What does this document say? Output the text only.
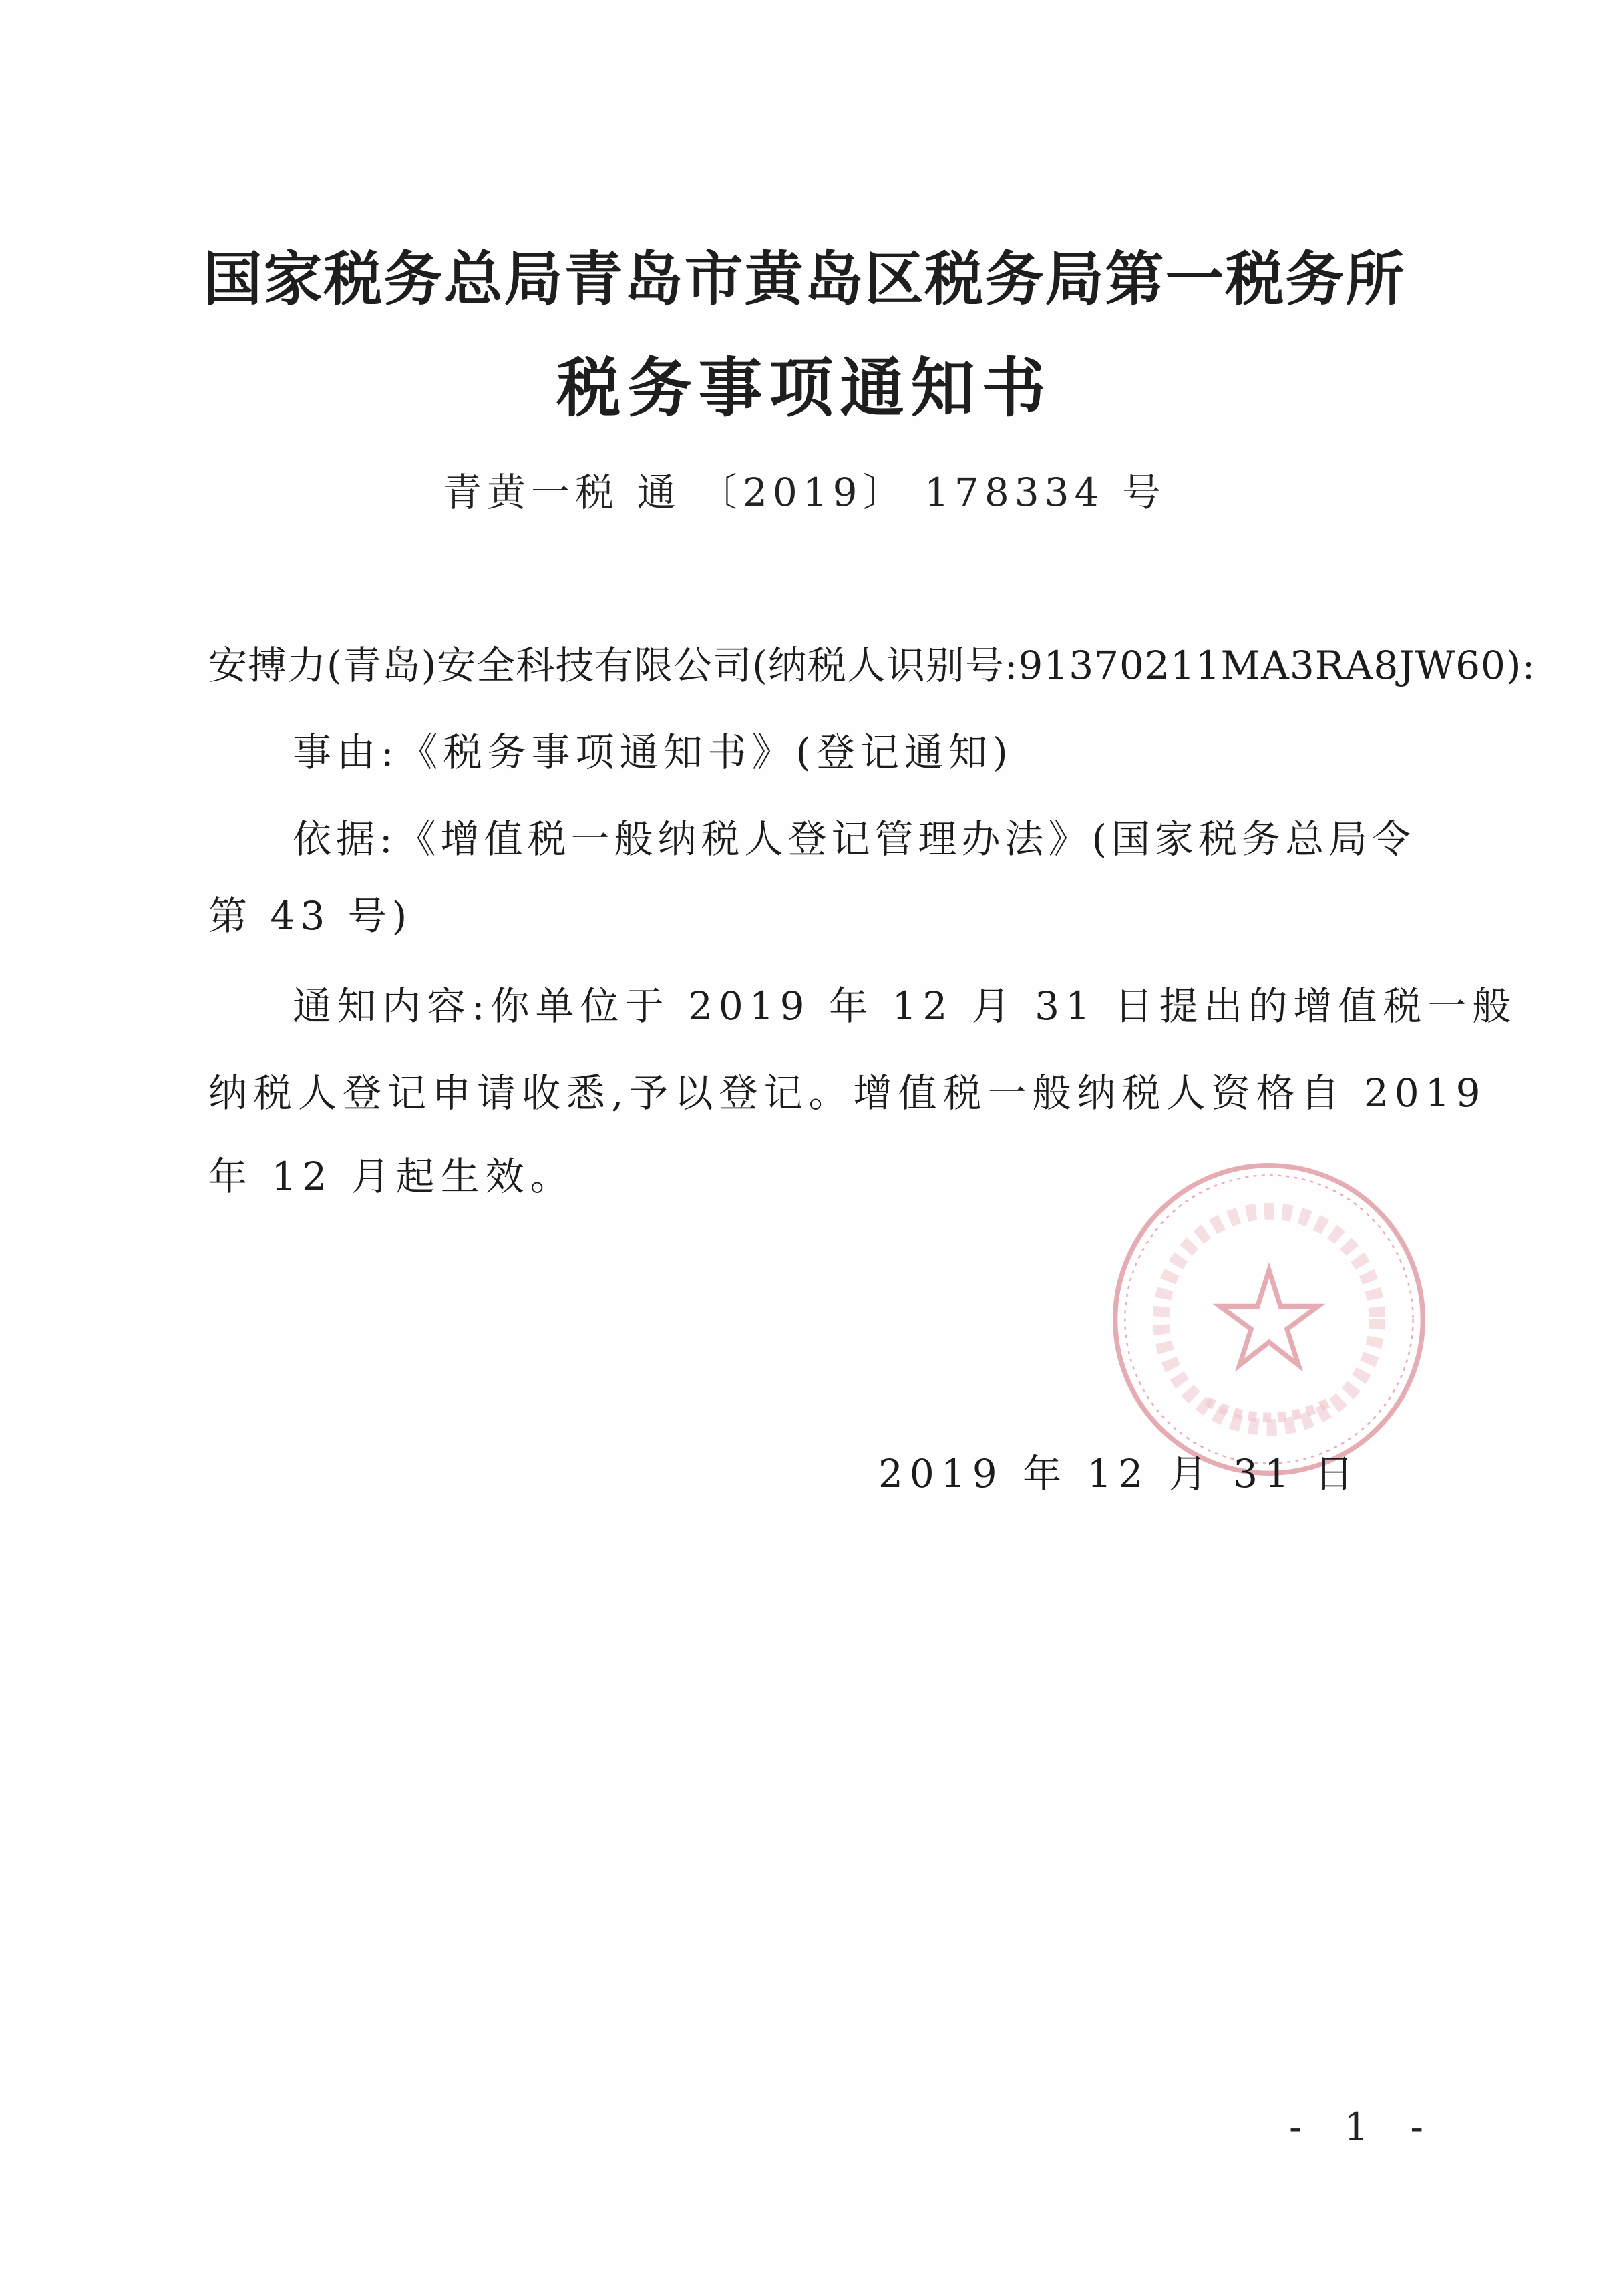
国家税务总局青岛市黄岛区税务局第一税务所
税务事项通知书
青黄一税 通 〔2019〕 178334 号
安搏力(青岛)安全科技有限公司(纳税人识别号:91370211MA3RA8JW60):
事由:《税务事项通知书》(登记通知)
依据:《增值税一般纳税人登记管理办法》(国家税务总局令
第 43 号)
通知内容:你单位于 2019 年 12 月 31 日提出的增值税一般
纳税人登记申请收悉,予以登记。增值税一般纳税人资格自 2019
年 12 月起生效。
2019 年 12 月 31 日
- 1 -
